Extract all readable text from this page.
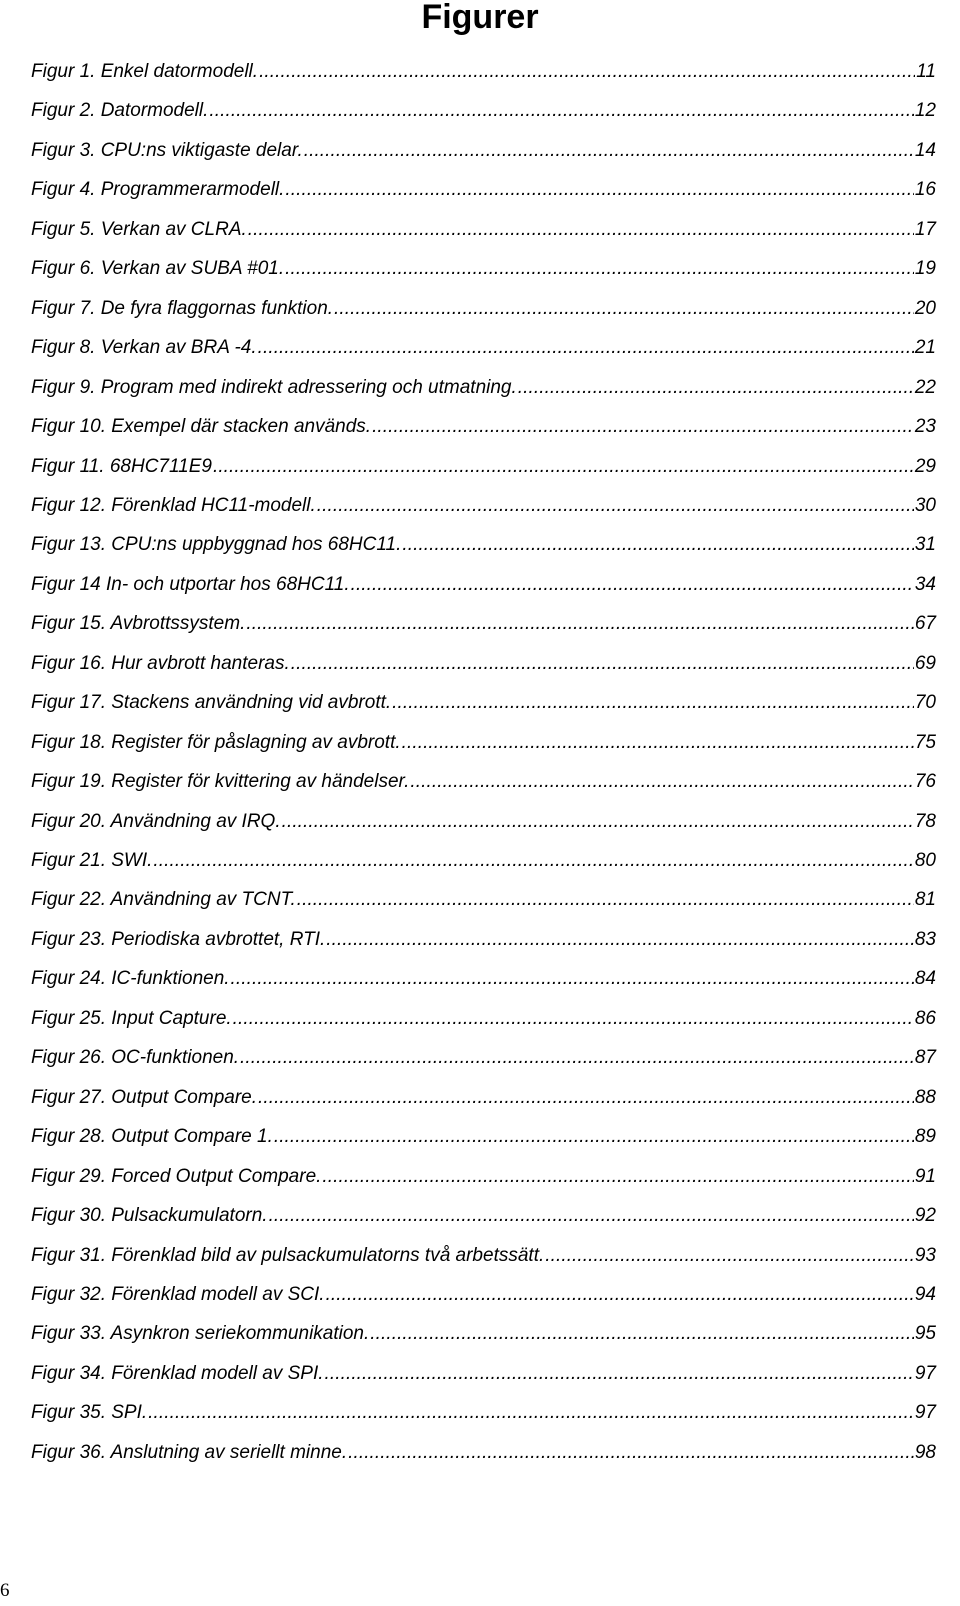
Figurer
Figur 1. Enkel datormodell. . . .	11
Figur 2. Datormodell. . . .	12
Figur 3. CPU:ns viktigaste delar. . . .	14
Figur 4. Programmerarmodell. . . .	16
Figur 5. Verkan av CLRA. . . .	17
Figur 6. Verkan av SUBA #01. . . .	19
Figur 7. De fyra flaggornas funktion. . . .	20
Figur 8. Verkan av BRA -4. . . .	21
Figur 9. Program med indirekt adressering och utmatning. . . .	22
Figur 10. Exempel där stacken används. . . .	23
Figur 11. 68HC711E9 . . .	29
Figur 12. Förenklad HC11-modell. . . .	30
Figur 13. CPU:ns uppbyggnad hos 68HC11. . . .	31
Figur 14 In- och utportar hos 68HC11. . . .	34
Figur 15. Avbrottssystem. . . .	67
Figur 16. Hur avbrott hanteras. . . .	69
Figur 17. Stackens användning vid avbrott. . . .	70
Figur 18. Register för påslagning av avbrott. . . .	75
Figur 19. Register för kvittering av händelser. . . .	76
Figur 20. Användning av IRQ. . . .	78
Figur 21. SWI. . . .	80
Figur 22. Användning av TCNT. . . .	81
Figur 23. Periodiska avbrottet, RTI. . . .	83
Figur 24. IC-funktionen. . . .	84
Figur 25. Input Capture. . . .	86
Figur 26. OC-funktionen. . . .	87
Figur 27. Output Compare. . . .	88
Figur 28. Output Compare 1. . . .	89
Figur 29. Forced Output Compare. . . .	91
Figur 30. Pulsackumulatorn. . . .	92
Figur 31. Förenklad bild av pulsackumulatorns två arbetssätt. . . .	93
Figur 32. Förenklad modell av SCI. . . .	94
Figur 33. Asynkron seriekommunikation. . . .	95
Figur 34. Förenklad modell av SPI. . . .	97
Figur 35. SPI. . . .	97
Figur 36. Anslutning av seriellt minne. . . .	98
6
